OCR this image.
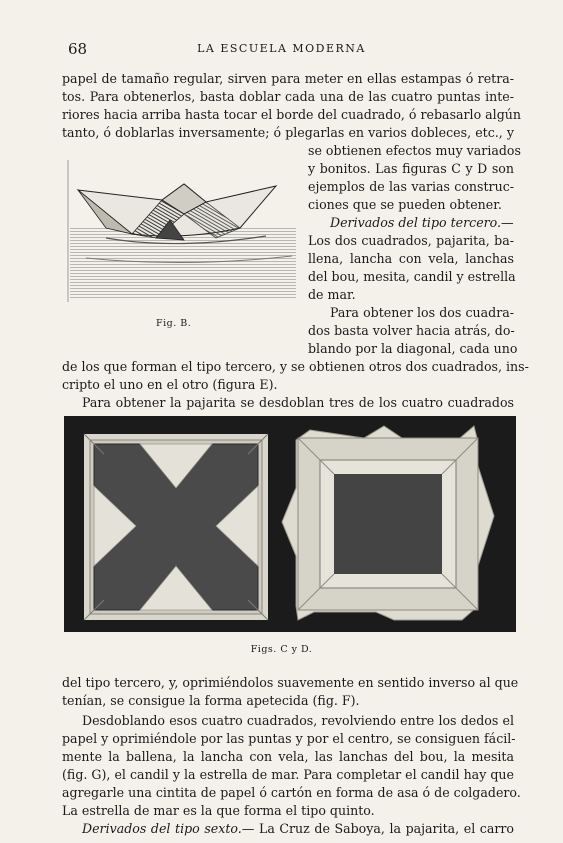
68	LA ESCUELA MODERNA
papel de tamaño regular, sirven para meter en ellas estampas ó retra-
tos. Para obtenerlos, basta doblar cada una de las cuatro puntas inte-
riores hacia arriba hasta tocar el borde del cuadrado, ó rebasarlo algún
tanto, ó doblarlas inversamente; ó plegarlas en varios dobleces, etc., y
se obtienen efectos muy variados
y bonitos. Las figuras C y D son
ejemplos de las varias construc-
ciones que se pueden obtener.
Derivados del tipo tercero.—
Los dos cuadrados, pajarita, ba-
llena, lancha con vela, lanchas
del bou, mesita, candil y estrella
de mar.
Para obtener los dos cuadra-
dos basta volver hacia atrás, do-
blando por la diagonal, cada uno
Fig. B.
de los que forman el tipo tercero, y se obtienen otros dos cuadrados, ins-
cripto el uno en el otro (figura E).
Para obtener la pajarita se desdoblan tres de los cuatro cuadrados
Figs. C y D.
del tipo tercero, y, oprimiéndolos suavemente en sentido inverso al que
tenían, se consigue la forma apetecida (fig. F).
Desdoblando esos cuatro cuadrados, revolviendo entre los dedos el
papel y oprimiéndole por las puntas y por el centro, se consiguen fácil-
mente la ballena, la lancha con vela, las lanchas del bou, la mesita
(fig. G), el candil y la estrella de mar. Para completar el candil hay que
agregarle una cintita de papel ó cartón en forma de asa ó de colgadero.
La estrella de mar es la que forma el tipo quinto.
Derivados del tipo sexto.— La Cruz de Saboya, la pajarita, el carro
